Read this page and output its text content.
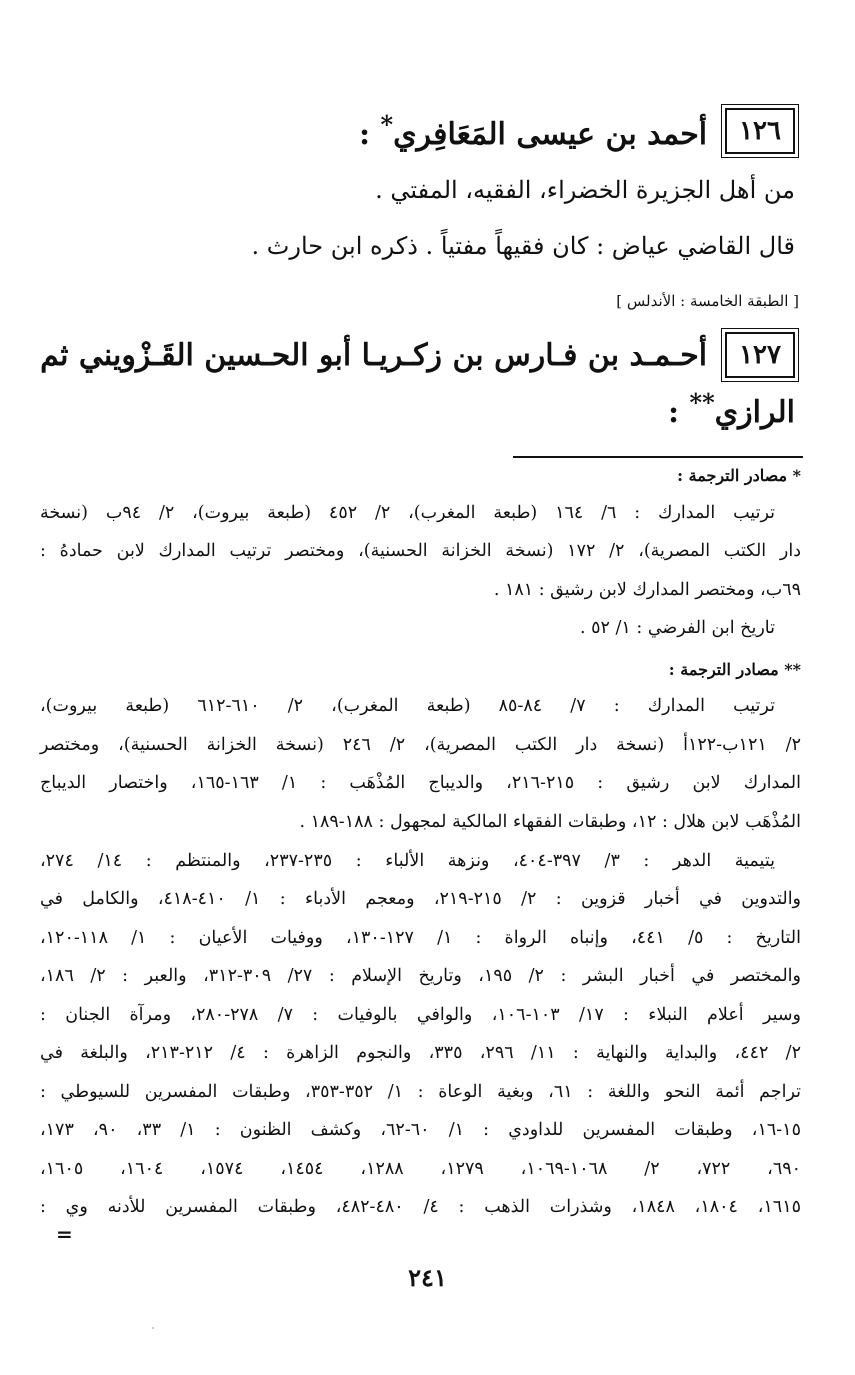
١٢٦
أحمد بن عيسى المَعَافِري* :
من أهل الجزيرة الخضراء، الفقيه، المفتي .
قال القاضي عياض : كان فقيهاً مفتياً . ذكره ابن حارث .
[ الطبقة الخامسة : الأندلس ]
١٢٧
أحـمـد بن فـارس بن زكـريـا أبو الحـسين القَـزْويني ثم
الرازي** :
* مصادر الترجمة :
ترتيب المدارك : ٦/ ١٦٤ (طبعة المغرب)، ٢/ ٤٥٢ (طبعة بيروت)، ٢/ ٩٤ب (نسخة
دار الكتب المصرية)، ٢/ ١٧٢ (نسخة الخزانة الحسنية)، ومختصر ترتيب المدارك لابن حمادهُ :
٦٩ب، ومختصر المدارك لابن رشيق : ١٨١ .
تاريخ ابن الفرضي : ١/ ٥٢ .
** مصادر الترجمة :
ترتيب المدارك : ٧/ ٨٤-٨٥ (طبعة المغرب)، ٢/ ٦١٠-٦١٢ (طبعة بيروت)،
٢/ ١٢١ب-١٢٢أ (نسخة دار الكتب المصرية)، ٢/ ٢٤٦ (نسخة الخزانة الحسنية)، ومختصر
المدارك لابن رشيق : ٢١٥-٢١٦، والديباج المُذْهَب : ١/ ١٦٣-١٦٥، واختصار الديباج
المُذْهَب لابن هلال : ١٢، وطبقات الفقهاء المالكية لمجهول : ١٨٨-١٨٩ .
يتيمية الدهر : ٣/ ٣٩٧-٤٠٤، ونزهة الألباء : ٢٣٥-٢٣٧، والمنتظم : ١٤/ ٢٧٤،
والتدوين في أخبار قزوين : ٢/ ٢١٥-٢١٩، ومعجم الأدباء : ١/ ٤١٠-٤١٨، والكامل في
التاريخ : ٥/ ٤٤١، وإنباه الرواة : ١/ ١٢٧-١٣٠، ووفيات الأعيان : ١/ ١١٨-١٢٠،
والمختصر في أخبار البشر : ٢/ ١٩٥، وتاريخ الإسلام : ٢٧/ ٣٠٩-٣١٢، والعبر : ٢/ ١٨٦،
وسير أعلام النبلاء : ١٧/ ١٠٣-١٠٦، والوافي بالوفيات : ٧/ ٢٧٨-٢٨٠، ومرآة الجنان :
٢/ ٤٤٢، والبداية والنهاية : ١١/ ٢٩٦، ٣٣٥، والنجوم الزاهرة : ٤/ ٢١٢-٢١٣، والبلغة في
تراجم أئمة النحو واللغة : ٦١، وبغية الوعاة : ١/ ٣٥٢-٣٥٣، وطبقات المفسرين للسيوطي :
١٥-١٦، وطبقات المفسرين للداودي : ١/ ٦٠-٦٢، وكشف الظنون : ١/ ٣٣، ٩٠، ١٧٣،
٦٩٠، ٧٢٢، ٢/ ١٠٦٨-١٠٦٩، ١٢٧٩، ١٢٨٨، ١٤٥٤، ١٥٧٤، ١٦٠٤، ١٦٠٥،
١٦١٥، ١٨٠٤، ١٨٤٨، وشذرات الذهب : ٤/ ٤٨٠-٤٨٢، وطبقات المفسرين للأدنه وي :
=
٢٤١
